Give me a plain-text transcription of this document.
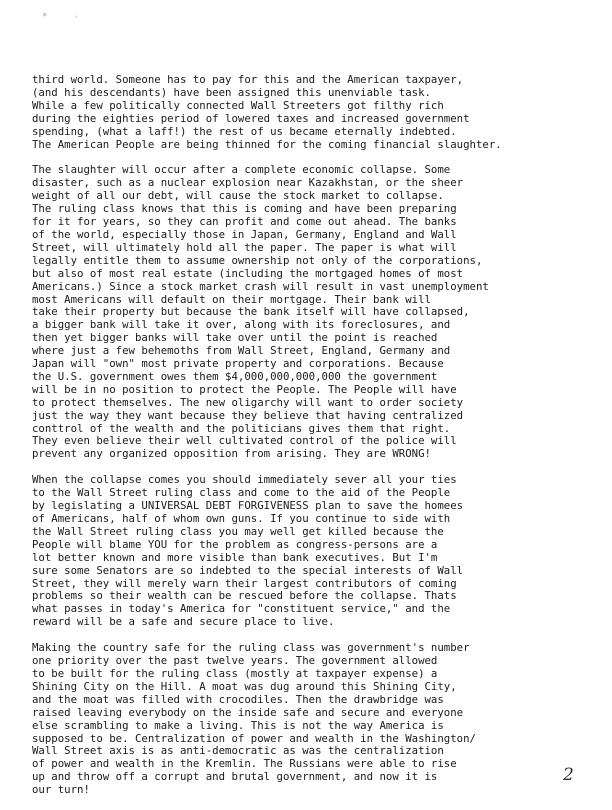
*	`

third world. Someone has to pay for this and the American taxpayer,
(and his descendants) have been assigned this unenviable task.
While a few politically connected Wall Streeters got filthy rich
during the eighties period of lowered taxes and increased government
spending, (what a laff!) the rest of us became eternally indebted.
The American People are being thinned for the coming financial slaughter.

The slaughter will occur after a complete economic collapse. Some
disaster, such as a nuclear explosion near Kazakhstan, or the sheer
weight of all our debt, will cause the stock market to collapse.
The ruling class knows that this is coming and have been preparing
for it for years, so they can profit and come out ahead. The banks
of the world, especially those in Japan, Germany, England and Wall
Street, will ultimately hold all the paper. The paper is what will
legally entitle them to assume ownership not only of the corporations,
but also of most real estate (including the mortgaged homes of most
Americans.) Since a stock market crash will result in vast unemployment
most Americans will default on their mortgage. Their bank will
take their property but because the bank itself will have collapsed,
a bigger bank will take it over, along with its foreclosures, and
then yet bigger banks will take over until the point is reached
where just a few behemoths from Wall Street, England, Germany and
Japan will "own" most private property and corporations. Because
the U.S. government owes them $4,000,000,000,000 the government
will be in no position to protect the People. The People will have
to protect themselves. The new oligarchy will want to order society
just the way they want because they believe that having centralized
conttrol of the wealth and the politicians gives them that right.
They even believe their well cultivated control of the police will
prevent any organized opposition from arising. They are WRONG!

When the collapse comes you should immediately sever all your ties
to the Wall Street ruling class and come to the aid of the People
by legislating a UNIVERSAL DEBT FORGIVENESS plan to save the homees
of Americans, half of whom own guns. If you continue to side with
the Wall Street ruling class you may well get killed because the
People will blame YOU for the problem as congress-persons are a
lot better known and more visible than bank executives. But I'm
sure some Senators are so indebted to the special interests of Wall
Street, they will merely warn their largest contributors of coming
problems so their wealth can be rescued before the collapse. Thats
what passes in today's America for "constituent service," and the
reward will be a safe and secure place to live.

Making the country safe for the ruling class was government's number
one priority over the past twelve years. The government allowed
to be built for the ruling class (mostly at taxpayer expense) a
Shining City on the Hill. A moat was dug around this Shining City,
and the moat was filled with crocodiles. Then the drawbridge was
raised leaving everybody on the inside safe and secure and everyone
else scrambling to make a living. This is not the way America is
supposed to be. Centralization of power and wealth in the Washington/
Wall Street axis is as anti-democratic as was the centralization
of power and wealth in the Kremlin. The Russians were able to rise
up and throw off a corrupt and brutal government, and now it is
our turn!

2
